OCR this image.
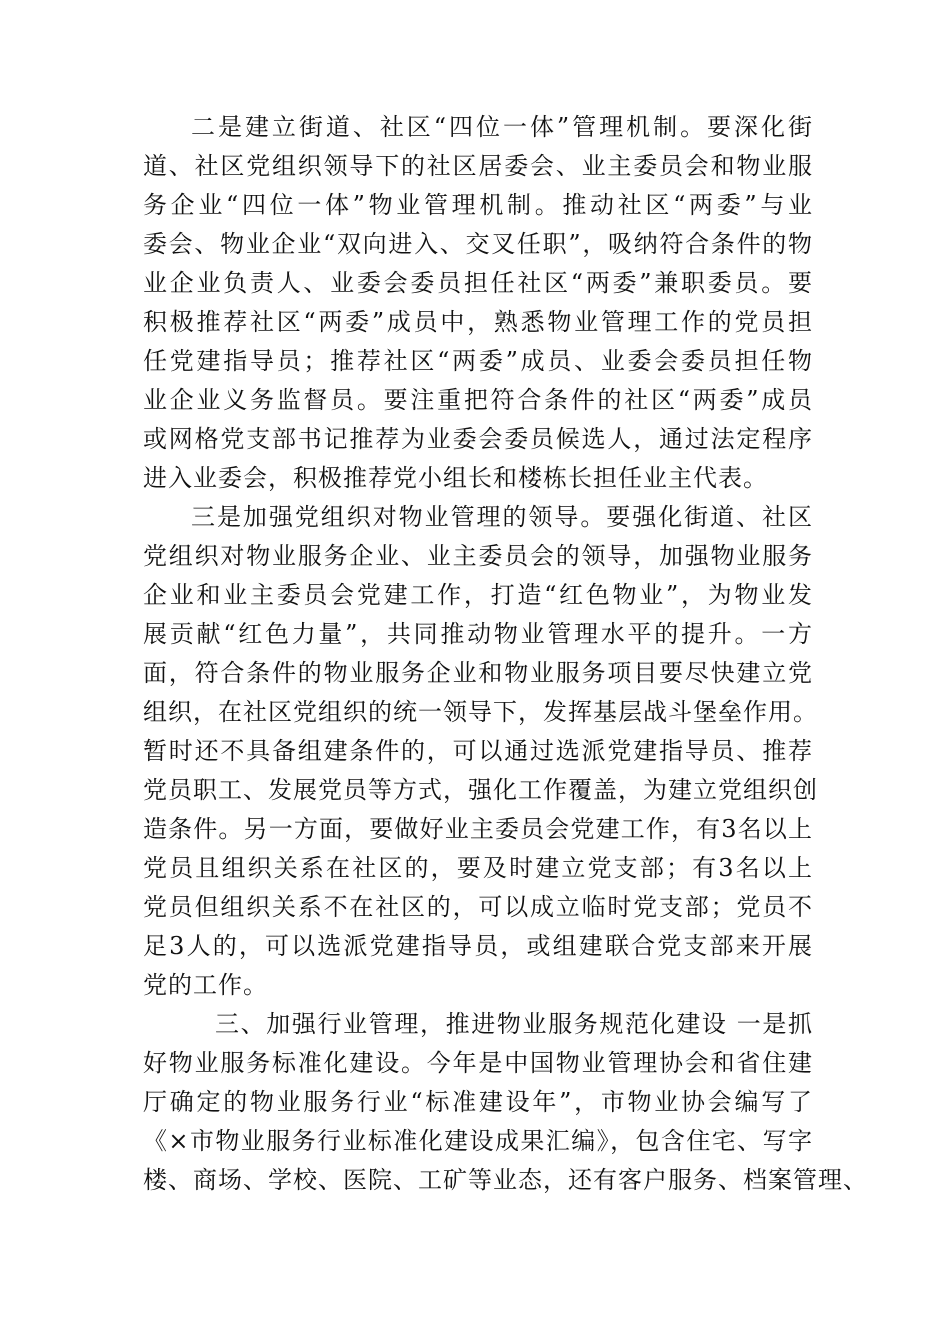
二是建立街道、社区“四位一体”管理机制。要深化街
道、社区党组织领导下的社区居委会、业主委员会和物业服
务企业“四位一体”物业管理机制。推动社区“两委”与业
委会、物业企业“双向进入、交叉任职”，吸纳符合条件的物
业企业负责人、业委会委员担任社区“两委”兼职委员。要
积极推荐社区“两委”成员中，熟悉物业管理工作的党员担
任党建指导员；推荐社区“两委”成员、业委会委员担任物
业企业义务监督员。要注重把符合条件的社区“两委”成员
或网格党支部书记推荐为业委会委员候选人，通过法定程序
进入业委会，积极推荐党小组长和楼栋长担任业主代表。
三是加强党组织对物业管理的领导。要强化街道、社区
党组织对物业服务企业、业主委员会的领导，加强物业服务
企业和业主委员会党建工作，打造“红色物业”，为物业发
展贡献“红色力量”，共同推动物业管理水平的提升。一方
面，符合条件的物业服务企业和物业服务项目要尽快建立党
组织，在社区党组织的统一领导下，发挥基层战斗堡垒作用。
暂时还不具备组建条件的，可以通过选派党建指导员、推荐
党员职工、发展党员等方式，强化工作覆盖，为建立党组织创
造条件。另一方面，要做好业主委员会党建工作，有3名以上
党员且组织关系在社区的，要及时建立党支部；有3名以上
党员但组织关系不在社区的，可以成立临时党支部；党员不
足3人的，可以选派党建指导员，或组建联合党支部来开展
党的工作。
三、加强行业管理，推进物业服务规范化建设 一是抓
好物业服务标准化建设。今年是中国物业管理协会和省住建
厅确定的物业服务行业“标准建设年”，市物业协会编写了
《×市物业服务行业标准化建设成果汇编》，包含住宅、写字
楼、商场、学校、医院、工矿等业态，还有客户服务、档案管理、
